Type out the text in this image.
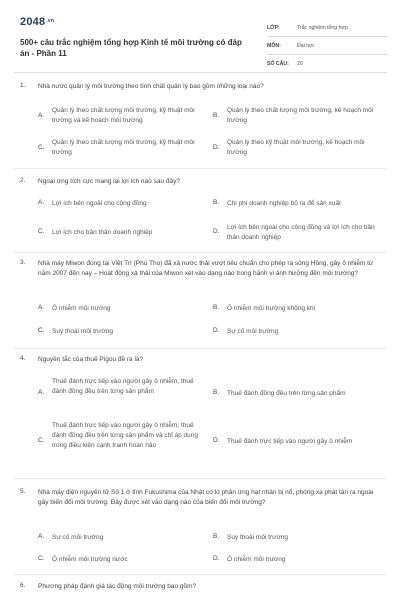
$2048^{.vn}$
500+ câu trắc nghiệm tổng hợp Kinh tế môi trường có đáp án - Phần 11
LỚP:	Trắc nghiệm tổng hợp
MÔN:	Đại học
SỐ CÂU: 20
1. Nhà nước quản lý môi trường theo tính chất quản lý bao gồm những loại nào?
A.
Quản lý theo chất lượng môi trường, kỹ thuật môi trường và kế hoạch môi trường
B.
Quản lý theo chất lượng môi trường, kế hoạch môi trường
C.
Quản lý theo chất lượng môi trường, kỹ thuật môi trường
D.
Quản lý theo kỹ thuật môi trường, kế hoạch môi trường
2. Ngoại ứng tích cực mang lại lợi ích nào sau đây?
A. Lợi ích bên ngoài cho cộng đồng	B. Chi phí doanh nghiệp bỏ ra để sản xuất
C. Lợi ích cho bản thân doanh nghiệp	D.
Lợi ích bên ngoài cho cộng đồng và lợi ích cho bản thân doanh nghiệp
3. Nhà máy Miwon đóng tại Việt Trì (Phú Thọ) đã xả nước thải vượt tiêu chuẩn cho phép ra sông Hồng, gây ô nhiễm từ năm 2007 đến nay – Hoạt động xả thải của Miwon xét vào dạng nào trong hành vi ảnh hưởng đến môi trường?
A. Ô nhiễm môi trường	B. Ô nhiễm môi trường không khí
C. Suy thoái môi trường	D. Sự cố môi trường
4. Nguyên tắc của thuế Pigou đề ra là?
A.
Thuế đánh trực tiếp vào người gây ô nhiễm, thuế đánh đồng đều trên từng sản phẩm	B. Thuế đánh đồng đều trên từng sản phẩm
C.
Thuế đánh trực tiếp vào người gây ô nhiễm, thuế đánh đồng đều trên từng sản phẩm và chỉ áp dụng trong điều kiện cạnh tranh hoàn hảo
D. Thuế đánh trực tiếp vào người gây ô nhiễm
5. Nhà máy điện nguyên tử Số 1 ở tỉnh Fukushima của Nhật có lò phản ứng hạt nhân bị nổ, phóng xạ phát tán ra ngoài gây biến đổi môi trường. Đây được xét vào dạng nào của biến đổi môi trường?
A. Sự cố môi trường	B. Suy thoái môi trường
C. Ô nhiễm môi trường nước	D. Ô nhiễm môi trường
6. Phương pháp đánh giá tác động môi trường bao gồm?
